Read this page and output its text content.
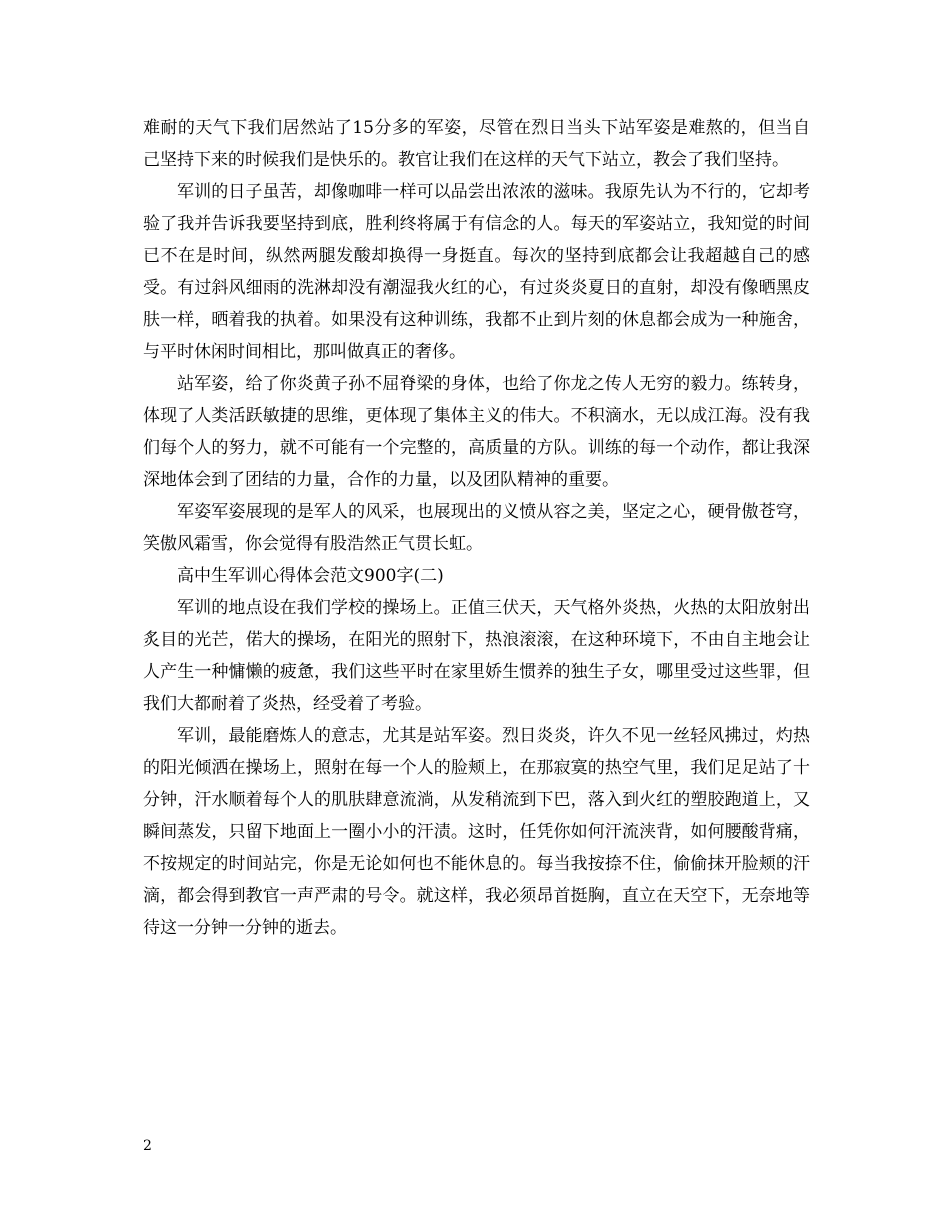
难耐的天气下我们居然站了15分多的军姿，尽管在烈日当头下站军姿是难熬的，但当自己坚持下来的时候我们是快乐的。教官让我们在这样的天气下站立，教会了我们坚持。

军训的日子虽苦，却像咖啡一样可以品尝出浓浓的滋味。我原先认为不行的，它却考验了我并告诉我要坚持到底，胜利终将属于有信念的人。每天的军姿站立，我知觉的时间已不在是时间，纵然两腿发酸却换得一身挺直。每次的坚持到底都会让我超越自己的感受。有过斜风细雨的洗淋却没有潮湿我火红的心，有过炎炎夏日的直射，却没有像晒黑皮肤一样，晒着我的执着。如果没有这种训练，我都不止到片刻的休息都会成为一种施舍，与平时休闲时间相比，那叫做真正的奢侈。

站军姿，给了你炎黄子孙不屈脊梁的身体，也给了你龙之传人无穷的毅力。练转身，体现了人类活跃敏捷的思维，更体现了集体主义的伟大。不积滴水，无以成江海。没有我们每个人的努力，就不可能有一个完整的，高质量的方队。训练的每一个动作，都让我深深地体会到了团结的力量，合作的力量，以及团队精神的重要。

军姿军姿展现的是军人的风采，也展现出的义愤从容之美，坚定之心，硬骨傲苍穹，笑傲风霜雪，你会觉得有股浩然正气贯长虹。

高中生军训心得体会范文900字(二)

军训的地点设在我们学校的操场上。正值三伏天，天气格外炎热，火热的太阳放射出炙目的光芒，偌大的操场，在阳光的照射下，热浪滚滚，在这种环境下，不由自主地会让人产生一种慵懒的疲惫，我们这些平时在家里娇生惯养的独生子女，哪里受过这些罪，但我们大都耐着了炎热，经受着了考验。

军训，最能磨炼人的意志，尤其是站军姿。烈日炎炎，许久不见一丝轻风拂过，灼热的阳光倾洒在操场上，照射在每一个人的脸颊上，在那寂寞的热空气里，我们足足站了十分钟，汗水顺着每个人的肌肤肆意流淌，从发稍流到下巴，落入到火红的塑胶跑道上，又瞬间蒸发，只留下地面上一圈小小的汗渍。这时，任凭你如何汗流浃背，如何腰酸背痛，不按规定的时间站完，你是无论如何也不能休息的。每当我按捺不住，偷偷抹开脸颊的汗滴，都会得到教官一声严肃的号令。就这样，我必须昂首挺胸，直立在天空下，无奈地等待这一分钟一分钟的逝去。

2
